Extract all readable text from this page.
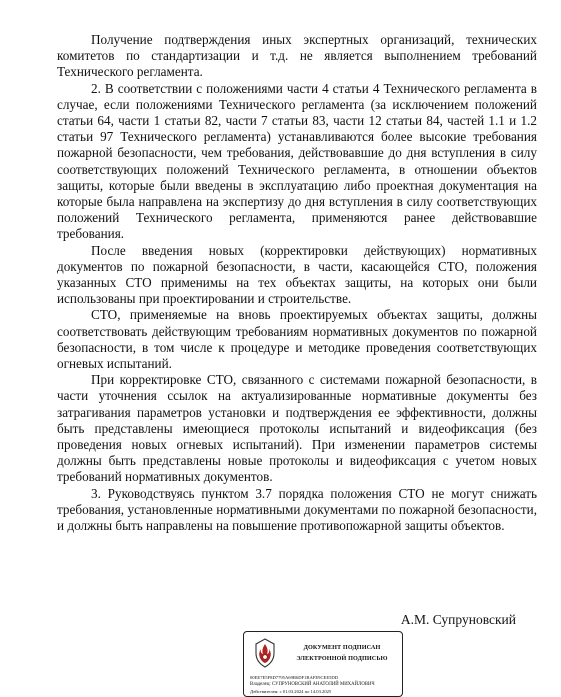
Получение подтверждения иных экспертных организаций, технических комитетов по стандартизации и т.д. не является выполнением требований Технического регламента.

2. В соответствии с положениями части 4 статьи 4 Технического регламента в случае, если положениями Технического регламента (за исключением положений статьи 64, части 1 статьи 82, части 7 статьи 83, части 12 статьи 84, частей 1.1 и 1.2 статьи 97 Технического регламента) устанавливаются более высокие требования пожарной безопасности, чем требования, действовавшие до дня вступления в силу соответствующих положений Технического регламента, в отношении объектов защиты, которые были введены в эксплуатацию либо проектная документация на которые была направлена на экспертизу до дня вступления в силу соответствующих положений Технического регламента, применяются ранее действовавшие требования.

После введения новых (корректировки действующих) нормативных документов по пожарной безопасности, в части, касающейся СТО, положения указанных СТО применимы на тех объектах защиты, на которых они были использованы при проектировании и строительстве.

СТО, применяемые на вновь проектируемых объектах защиты, должны соответствовать действующим требованиям нормативных документов по пожарной безопасности, в том числе к процедуре и методике проведения соответствующих огневых испытаний.

При корректировке СТО, связанного с системами пожарной безопасности, в части уточнения ссылок на актуализированные нормативные документы без затрагивания параметров установки и подтверждения ее эффективности, должны быть представлены имеющиеся протоколы испытаний и видеофиксация (без проведения новых огневых испытаний). При изменении параметров системы должны быть представлены новые протоколы и видеофиксация с учетом новых требований нормативных документов.

3. Руководствуясь пунктом 3.7 порядка положения СТО не могут снижать требования, установленные нормативными документами по пожарной безопасности, и должны быть направлены на повышение противопожарной защиты объектов.

А.М. Супруновский
ДОКУМЕНТ ПОДПИСАН
ЭЛЕКТРОННОЙ ПОДПИСЬЮ
00EE7E5F8D7795A69B6DF1BAFE9CEE5DD
Владелец: СУПРУНОВСКИЙ АНАТОЛИЙ МИХАЙЛОВИЧ
Действителен: с 01.03.2024 по 14.03.2025
